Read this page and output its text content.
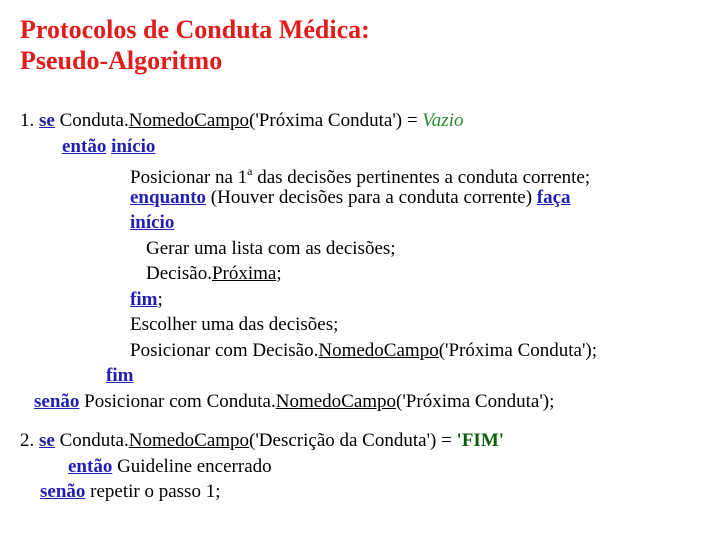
Protocolos de Conduta Médica:
Pseudo-Algoritmo
1. se Conduta.NomedoCampo('Próxima Conduta') = Vazio
então início
Posicionar na 1$^a$ das decisões pertinentes a conduta corrente;
enquanto (Houver decisões para a conduta corrente) faça
início
Gerar uma lista com as decisões;
Decisão.Próxima;
fim;
Escolher uma das decisões;
Posicionar com Decisão.NomedoCampo('Próxima Conduta');
fim
senão Posicionar com Conduta.NomedoCampo('Próxima Conduta');
2. se Conduta.NomedoCampo('Descrição da Conduta') = 'FIM'
então Guideline encerrado
senão repetir o passo 1;
